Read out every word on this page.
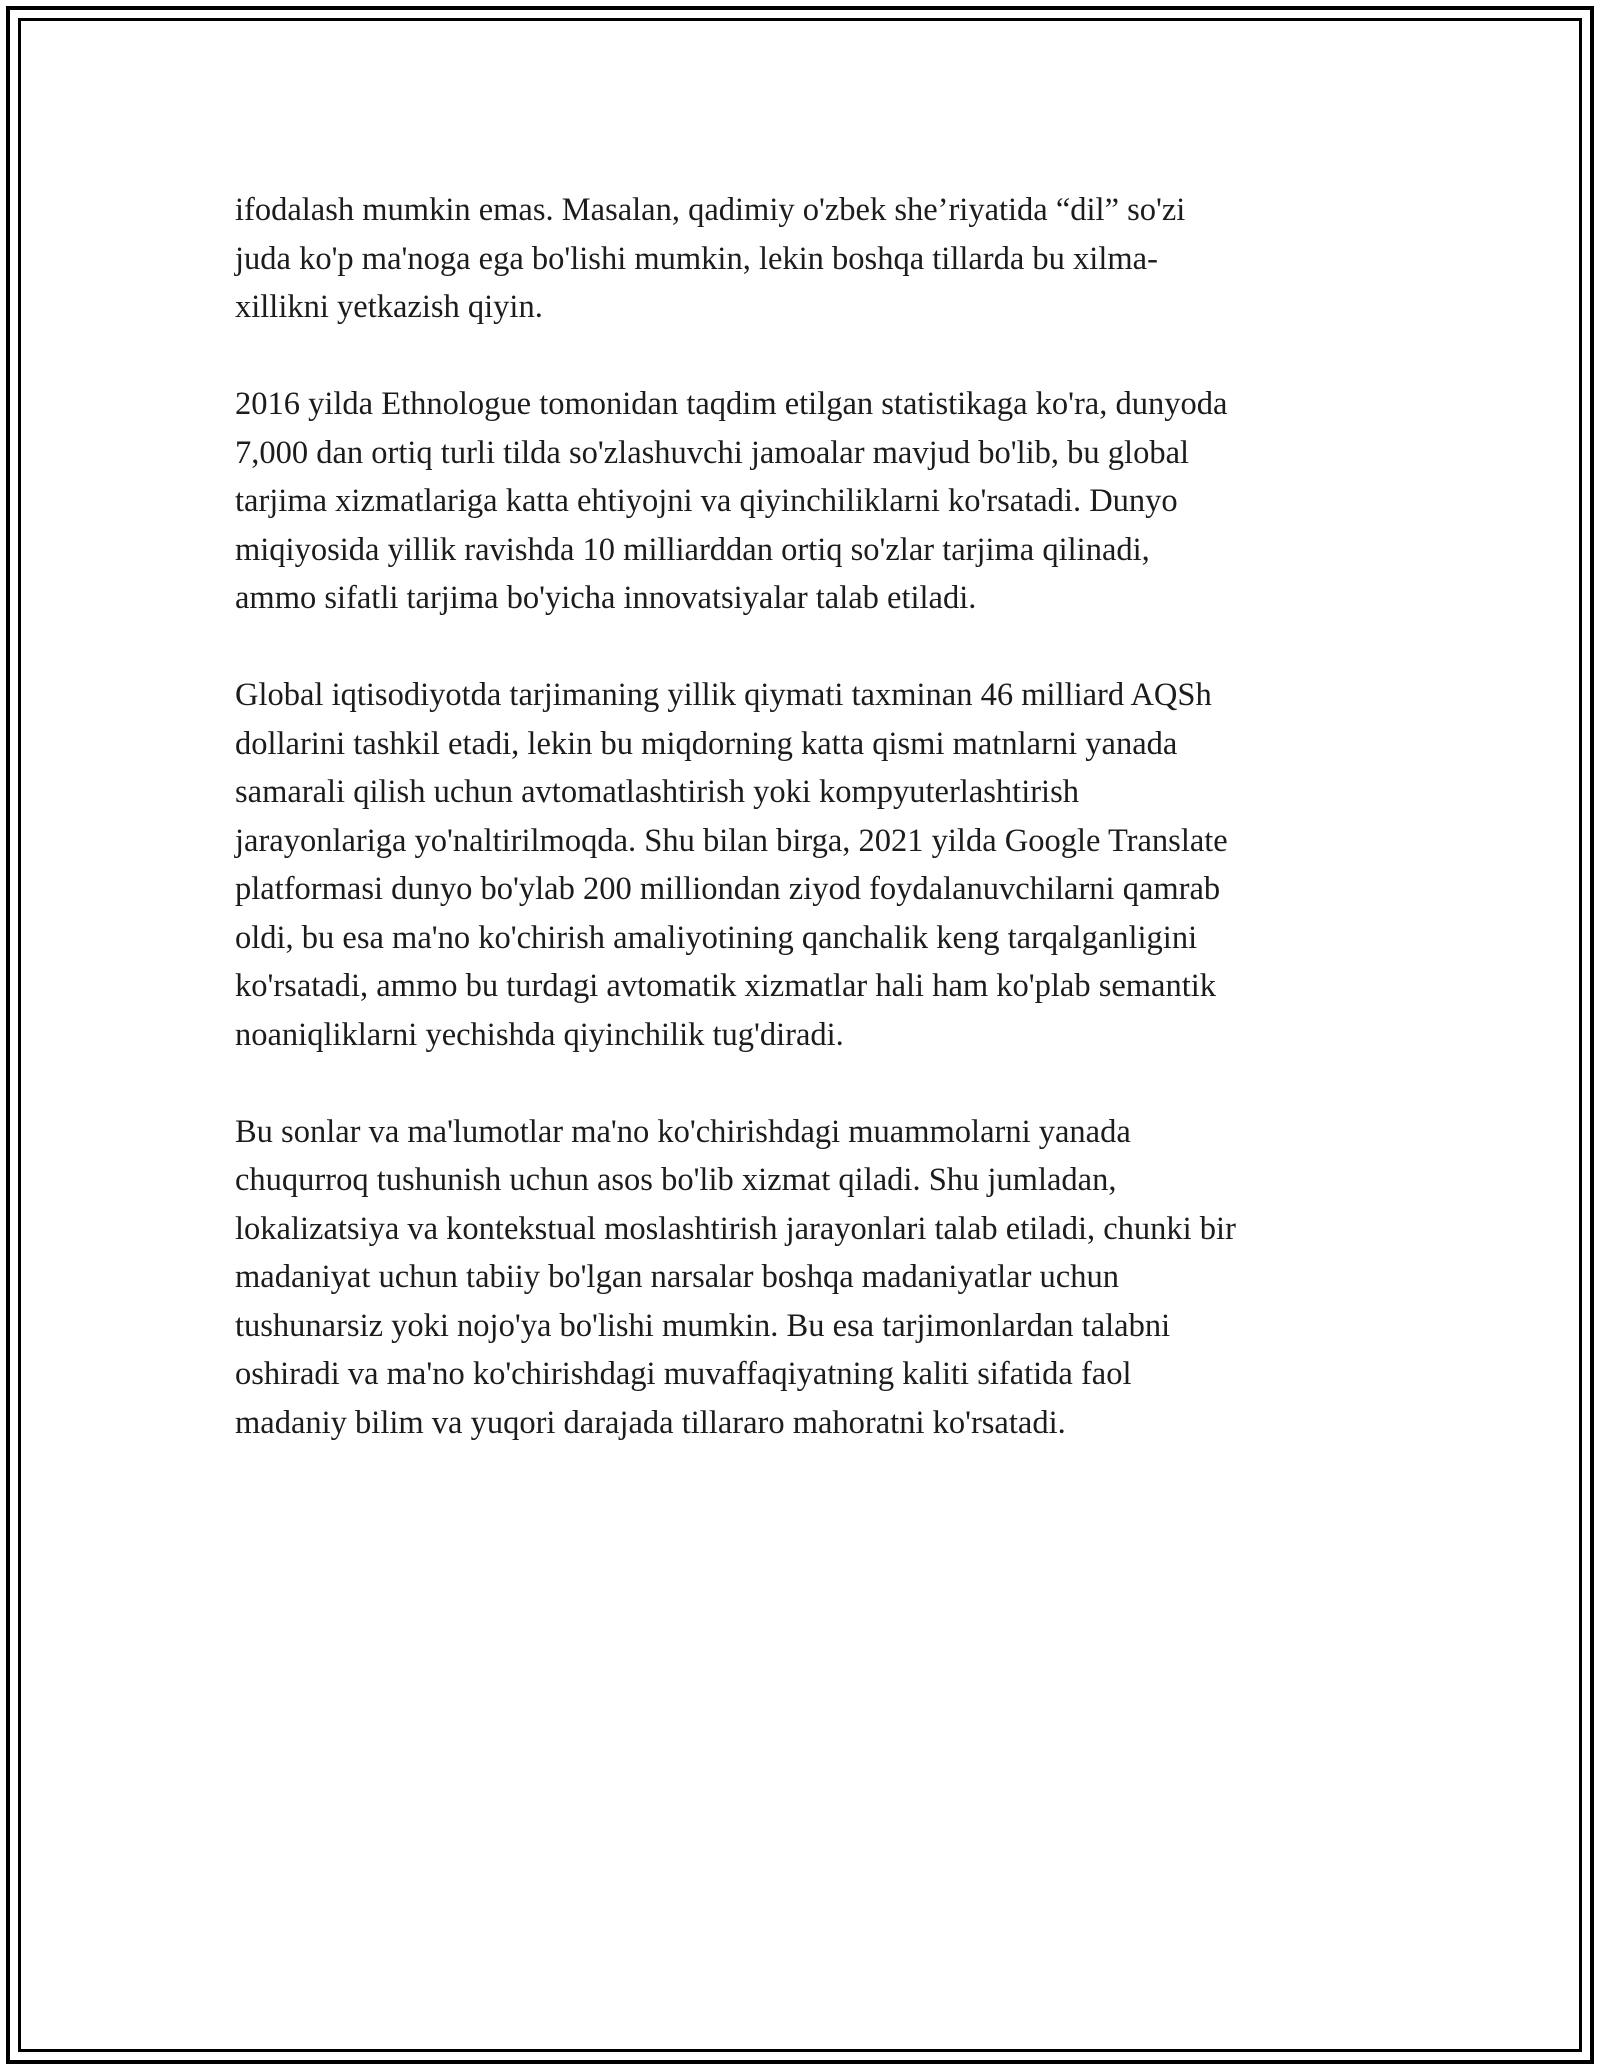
ifodalash mumkin emas. Masalan, qadimiy o'zbek she’riyatida “dil” so'zi
juda ko'p ma'noga ega bo'lishi mumkin, lekin boshqa tillarda bu xilma-
xillikni yetkazish qiyin.

2016 yilda Ethnologue tomonidan taqdim etilgan statistikaga ko'ra, dunyoda
7,000 dan ortiq turli tilda so'zlashuvchi jamoalar mavjud bo'lib, bu global
tarjima xizmatlariga katta ehtiyojni va qiyinchiliklarni ko'rsatadi. Dunyo
miqiyosida yillik ravishda 10 milliarddan ortiq so'zlar tarjima qilinadi,
ammo sifatli tarjima bo'yicha innovatsiyalar talab etiladi.

Global iqtisodiyotda tarjimaning yillik qiymati taxminan 46 milliard AQSh
dollarini tashkil etadi, lekin bu miqdorning katta qismi matnlarni yanada
samarali qilish uchun avtomatlashtirish yoki kompyuterlashtirish
jarayonlariga yo'naltirilmoqda. Shu bilan birga, 2021 yilda Google Translate
platformasi dunyo bo'ylab 200 milliondan ziyod foydalanuvchilarni qamrab
oldi, bu esa ma'no ko'chirish amaliyotining qanchalik keng tarqalganligini
ko'rsatadi, ammo bu turdagi avtomatik xizmatlar hali ham ko'plab semantik
noaniqliklarni yechishda qiyinchilik tug'diradi.

Bu sonlar va ma'lumotlar ma'no ko'chirishdagi muammolarni yanada
chuqurroq tushunish uchun asos bo'lib xizmat qiladi. Shu jumladan,
lokalizatsiya va kontekstual moslashtirish jarayonlari talab etiladi, chunki bir
madaniyat uchun tabiiy bo'lgan narsalar boshqa madaniyatlar uchun
tushunarsiz yoki nojo'ya bo'lishi mumkin. Bu esa tarjimonlardan talabni
oshiradi va ma'no ko'chirishdagi muvaffaqiyatning kaliti sifatida faol
madaniy bilim va yuqori darajada tillararo mahoratni ko'rsatadi.
